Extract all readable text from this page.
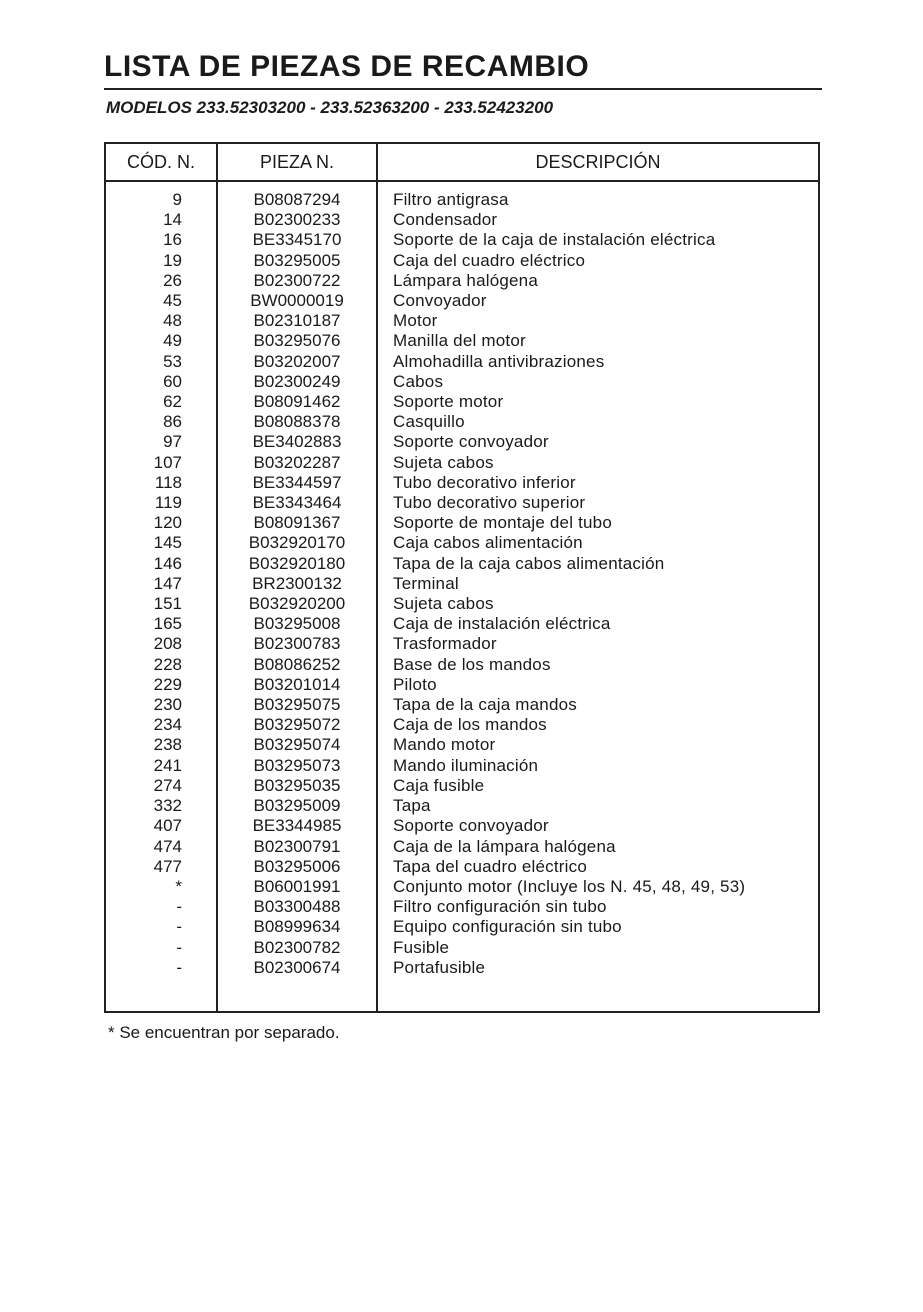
LISTA DE PIEZAS DE RECAMBIO
MODELOS 233.52303200 - 233.52363200 - 233.52423200
CÓD. N.	PIEZA N.	DESCRIPCIÓN
9	B08087294	Filtro antigrasa
14	B02300233	Condensador
16	BE3345170	Soporte de la caja de instalación eléctrica
19	B03295005	Caja del cuadro eléctrico
26	B02300722	Lámpara halógena
45	BW0000019	Convoyador
48	B02310187	Motor
49	B03295076	Manilla del motor
53	B03202007	Almohadilla antivibraziones
60	B02300249	Cabos
62	B08091462	Soporte motor
86	B08088378	Casquillo
97	BE3402883	Soporte convoyador
107	B03202287	Sujeta cabos
118	BE3344597	Tubo decorativo inferior
119	BE3343464	Tubo decorativo superior
120	B08091367	Soporte de montaje del tubo
145	B032920170	Caja cabos alimentación
146	B032920180	Tapa de la caja cabos alimentación
147	BR2300132	Terminal
151	B032920200	Sujeta cabos
165	B03295008	Caja de instalación eléctrica
208	B02300783	Trasformador
228	B08086252	Base de los mandos
229	B03201014	Piloto
230	B03295075	Tapa de la caja mandos
234	B03295072	Caja de los mandos
238	B03295074	Mando motor
241	B03295073	Mando iluminación
274	B03295035	Caja fusible
332	B03295009	Tapa
407	BE3344985	Soporte convoyador
474	B02300791	Caja de la lámpara halógena
477	B03295006	Tapa del cuadro eléctrico
*	B06001991	Conjunto motor (Incluye los N. 45, 48, 49, 53)
-	B03300488	Filtro configuración sin tubo
-	B08999634	Equipo configuración sin tubo
-	B02300782	Fusible
-	B02300674	Portafusible
* Se encuentran por separado.
